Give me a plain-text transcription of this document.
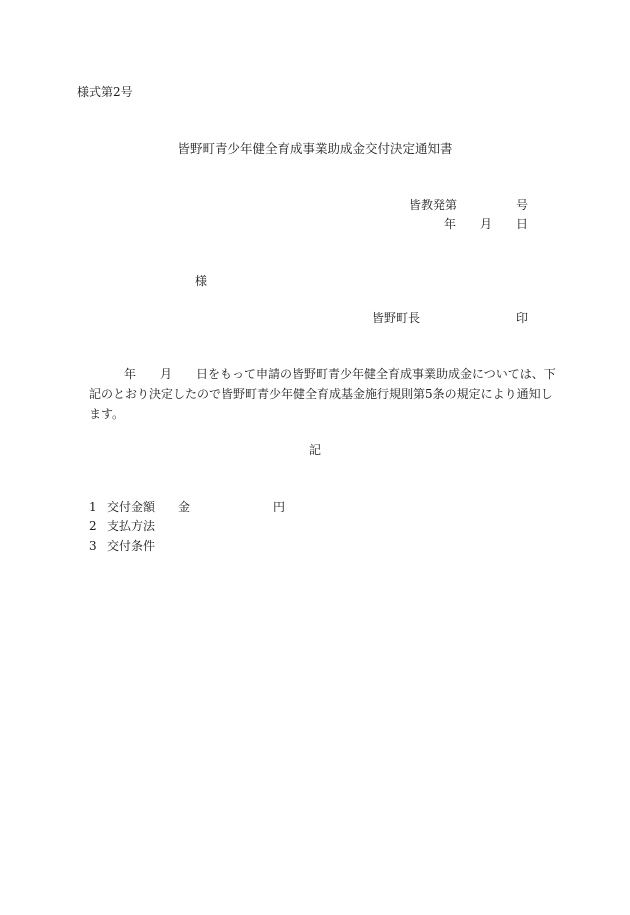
様式第2号
皆野町青少年健全育成事業助成金交付決定通知書
皆教発第	号
年 月 日
様
皆野町長	印
年 月 日をもって申請の皆野町青少年健全育成事業助成金については、下
記のとおり決定したので皆野町青少年健全育成基金施行規則第5条の規定により通知し
ます。
記
1 交付金額 金	円
2 支払方法
3 交付条件
